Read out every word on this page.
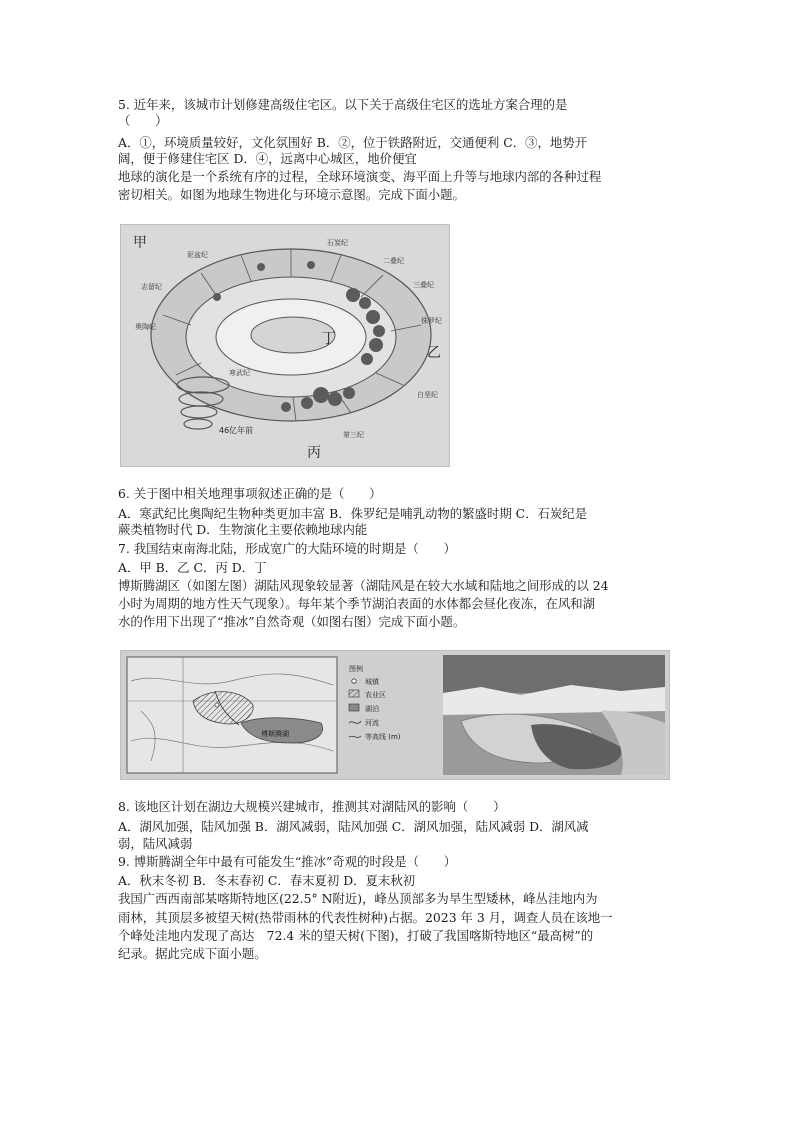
5. 近年来，该城市计划修建高级住宅区。以下关于高级住宅区的选址方案合理的是
（　　）
A．①，环境质量较好，文化氛围好 B．②，位于铁路附近，交通便利 C．③，地势开
阔，便于修建住宅区 D．④，远离中心城区，地价便宜
地球的演化是一个系统有序的过程，全球环境演变、海平面上升等与地球内部的各种过程
密切相关。如图为地球生物进化与环境示意图。完成下面小题。
甲
乙
丙
丁
石炭纪
二叠纪
三叠纪
侏罗纪
白垩纪
第三纪
泥盆纪
志留纪
奥陶纪
寒武纪
46亿年前
6. 关于图中相关地理事项叙述正确的是（　　）
A．寒武纪比奥陶纪生物种类更加丰富 B．侏罗纪是哺乳动物的繁盛时期 C．石炭纪是
蕨类植物时代 D．生物演化主要依赖地球内能
7. 我国结束南海北陆，形成宽广的大陆环境的时期是（　　）
A．甲 B．乙 C．丙 D．丁
博斯腾湖区（如图左图）湖陆风现象较显著（湖陆风是在较大水域和陆地之间形成的以 24
小时为周期的地方性天气现象）。每年某个季节湖泊表面的水体都会昼化夜冻，在风和湖
水的作用下出现了“推冰”自然奇观（如图右图）完成下面小题。
博斯腾湖
图例
城镇
农业区
湖泊
河流
等高线 (m)
8. 该地区计划在湖边大规模兴建城市，推测其对湖陆风的影响（　　）
A．湖风加强，陆风加强 B．湖风减弱，陆风加强 C．湖风加强，陆风减弱 D．湖风减
弱，陆风减弱
9. 博斯腾湖全年中最有可能发生“推冰”奇观的时段是（　　）
A．秋末冬初 B．冬末春初 C．春末夏初 D．夏末秋初
我国广西西南部某喀斯特地区(22.5° N附近)，峰丛顶部多为旱生型矮林，峰丛洼地内为
雨林，其顶层多被望天树(热带雨林的代表性树种)占据。2023 年 3 月，调查人员在该地一
个峰处洼地内发现了高达　72.4 米的望天树(下图)，打破了我国喀斯特地区“最高树”的
纪录。据此完成下面小题。
